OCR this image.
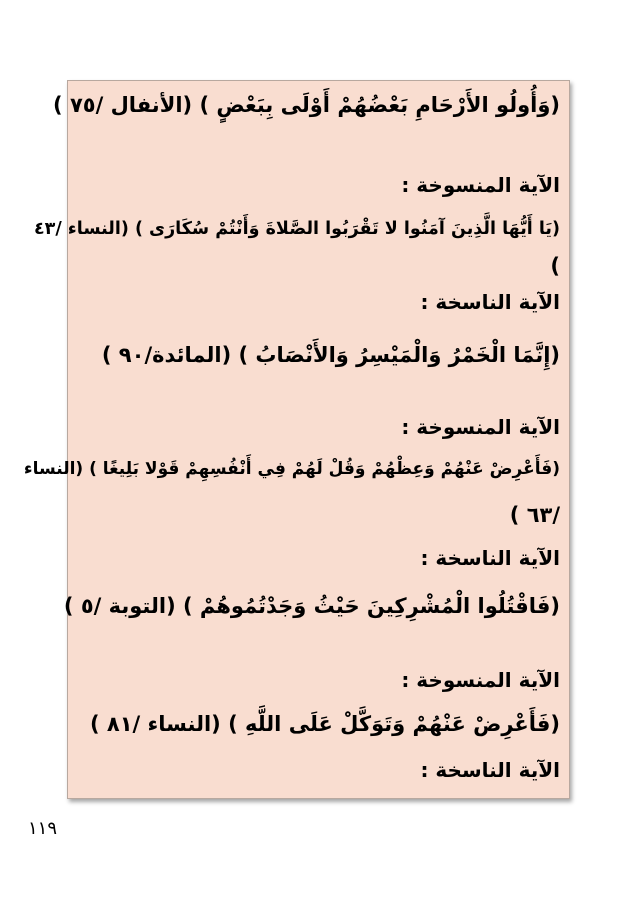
(وَأُولُو الأَرْحَامِ بَعْضُهُمْ أَوْلَى بِبَعْضٍ ) (الأنفال /٧٥ )
الآية المنسوخة :
(يَا أَيُّهَا الَّذِينَ آمَنُوا لا تَقْرَبُوا الصَّلاةَ وَأَنْتُمْ سُكَارَى ) (النساء /٤٣
)
الآية الناسخة :
(إِنَّمَا الْخَمْرُ وَالْمَيْسِرُ وَالأَنْصَابُ ) (المائدة/٩٠ )
الآية المنسوخة :
(فَأَعْرِضْ عَنْهُمْ وَعِظْهُمْ وَقُلْ لَهُمْ فِي أَنْفُسِهِمْ قَوْلا بَلِيغًا ) (النساء
/٦٣ )
الآية الناسخة :
(فَاقْتُلُوا الْمُشْرِكِينَ حَيْثُ وَجَدْتُمُوهُمْ ) (التوبة /٥ )
الآية المنسوخة :
(فَأَعْرِضْ عَنْهُمْ وَتَوَكَّلْ عَلَى اللَّهِ ) (النساء /٨١ )
الآية الناسخة :
١١٩
